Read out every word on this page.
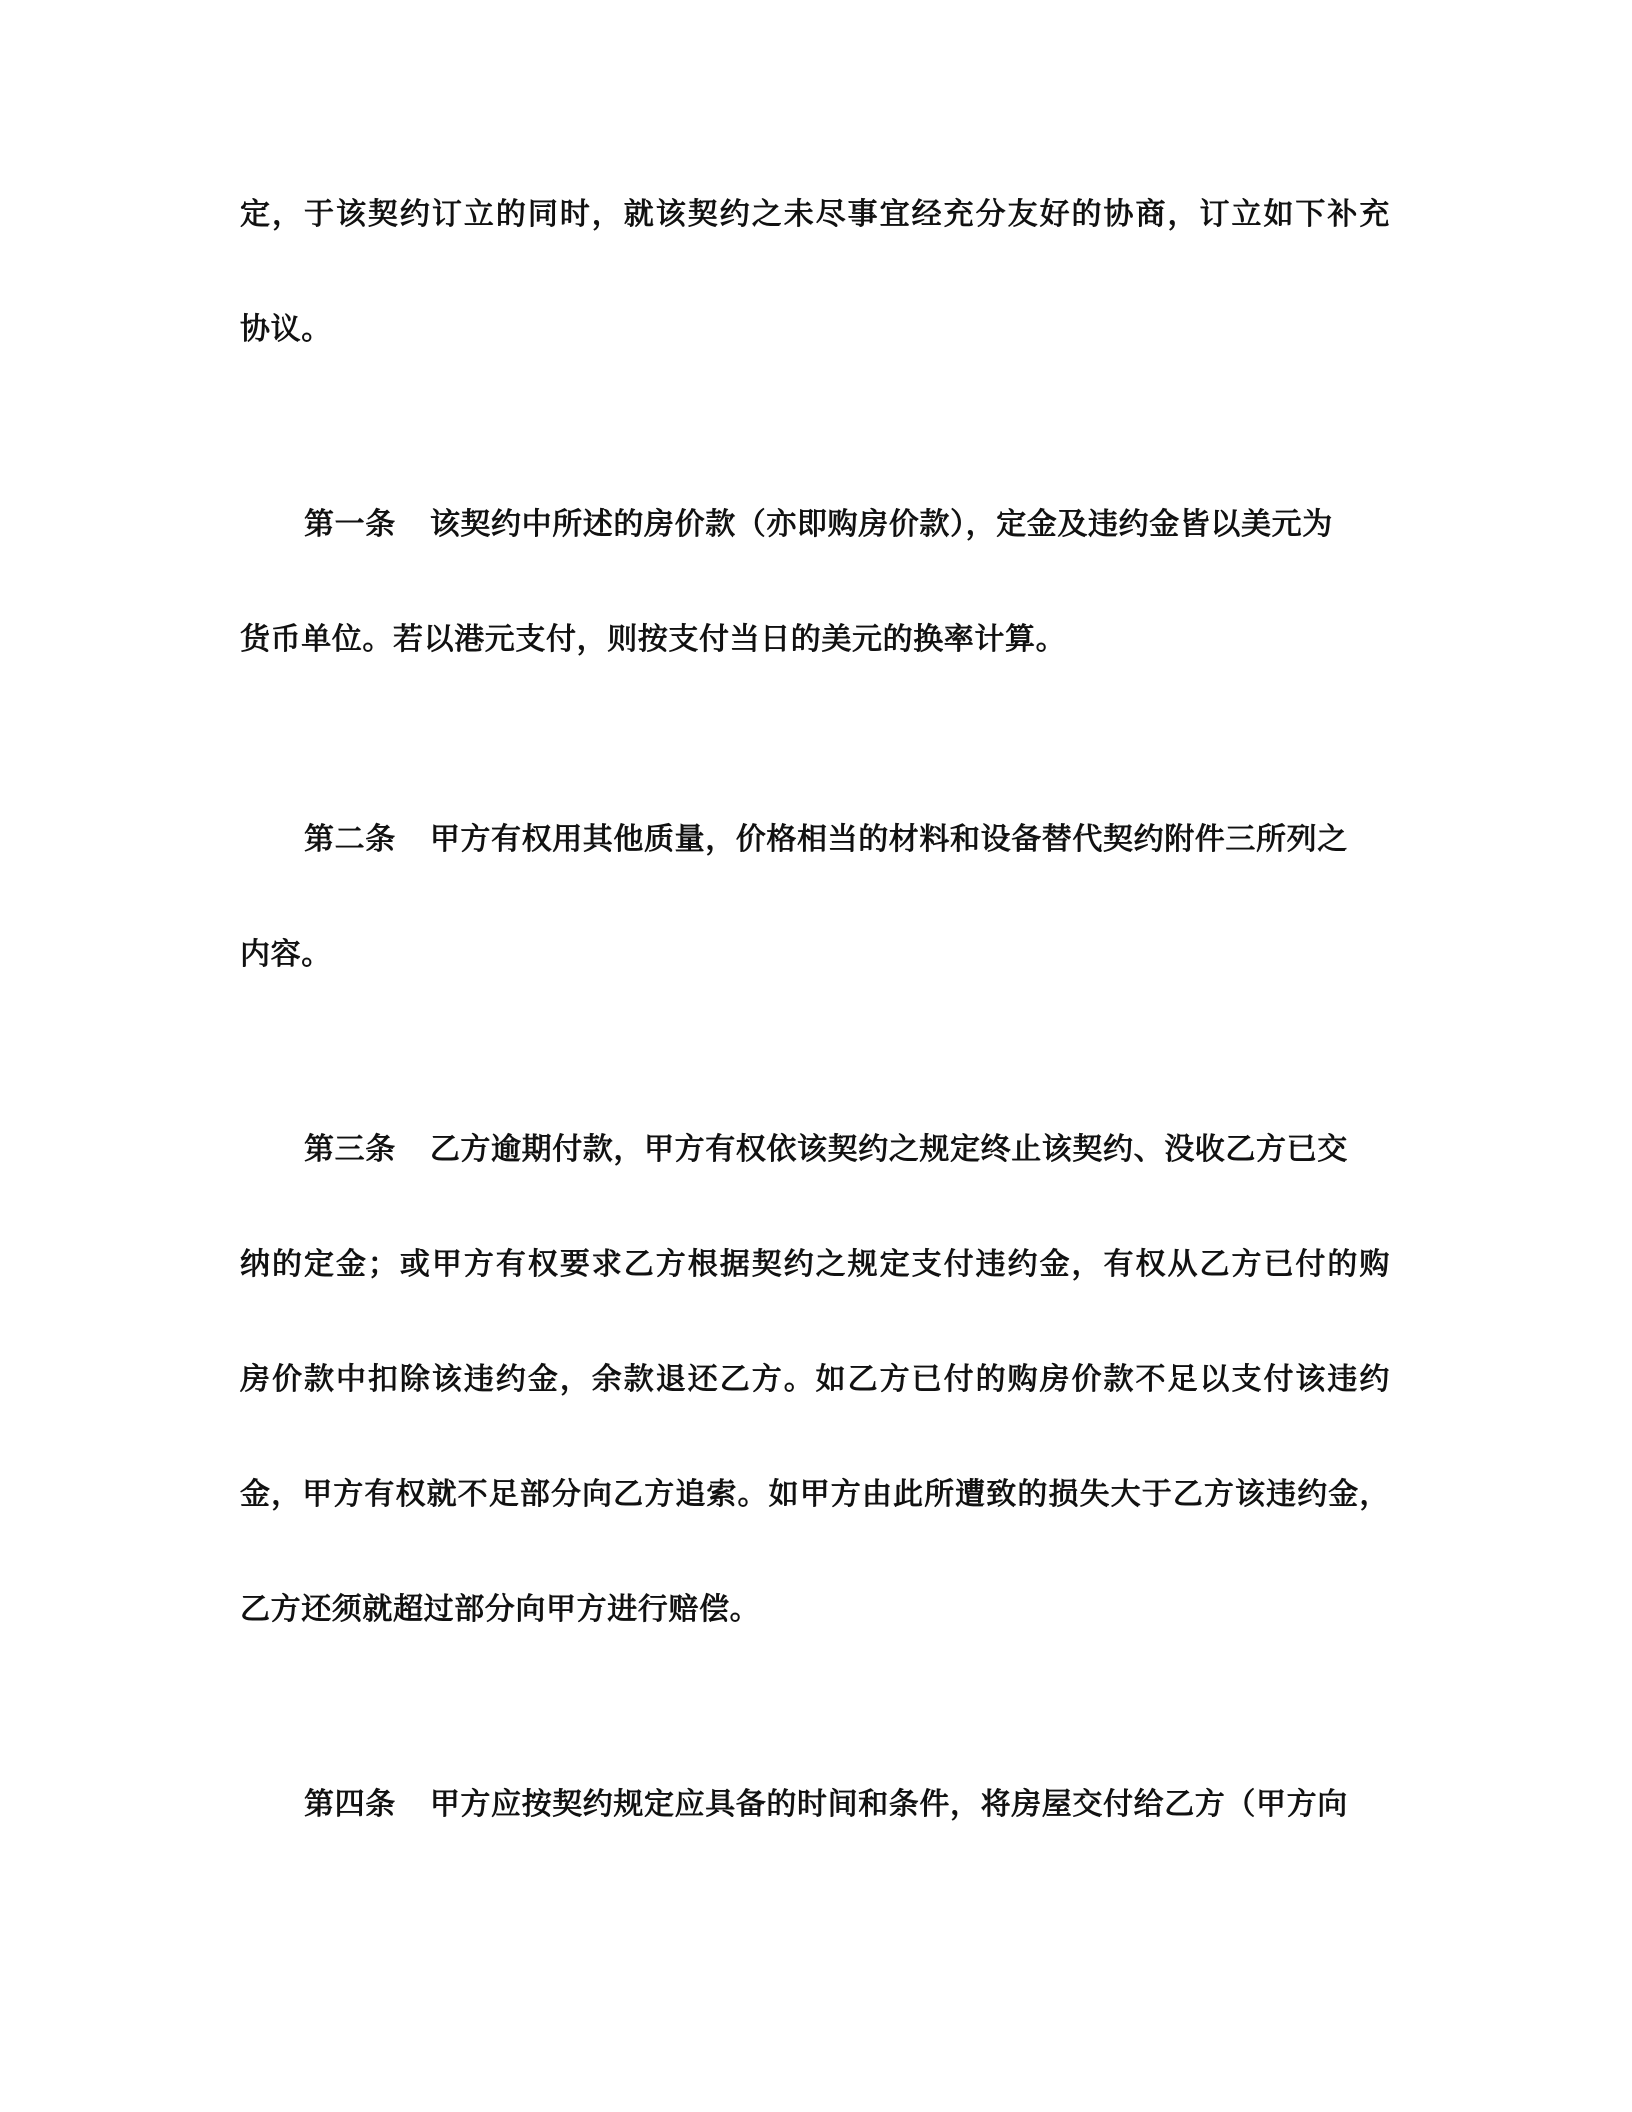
定，于该契约订立的同时，就该契约之未尽事宜经充分友好的协商，订立如下补充
协议。
第一条 该契约中所述的房价款（亦即购房价款），定金及违约金皆以美元为
货币单位。若以港元支付，则按支付当日的美元的换率计算。
第二条 甲方有权用其他质量，价格相当的材料和设备替代契约附件三所列之
内容。
第三条 乙方逾期付款，甲方有权依该契约之规定终止该契约、没收乙方已交
纳的定金；或甲方有权要求乙方根据契约之规定支付违约金，有权从乙方已付的购
房价款中扣除该违约金，余款退还乙方。如乙方已付的购房价款不足以支付该违约
金，甲方有权就不足部分向乙方追索。如甲方由此所遭致的损失大于乙方该违约金，
乙方还须就超过部分向甲方进行赔偿。
第四条 甲方应按契约规定应具备的时间和条件，将房屋交付给乙方（甲方向
